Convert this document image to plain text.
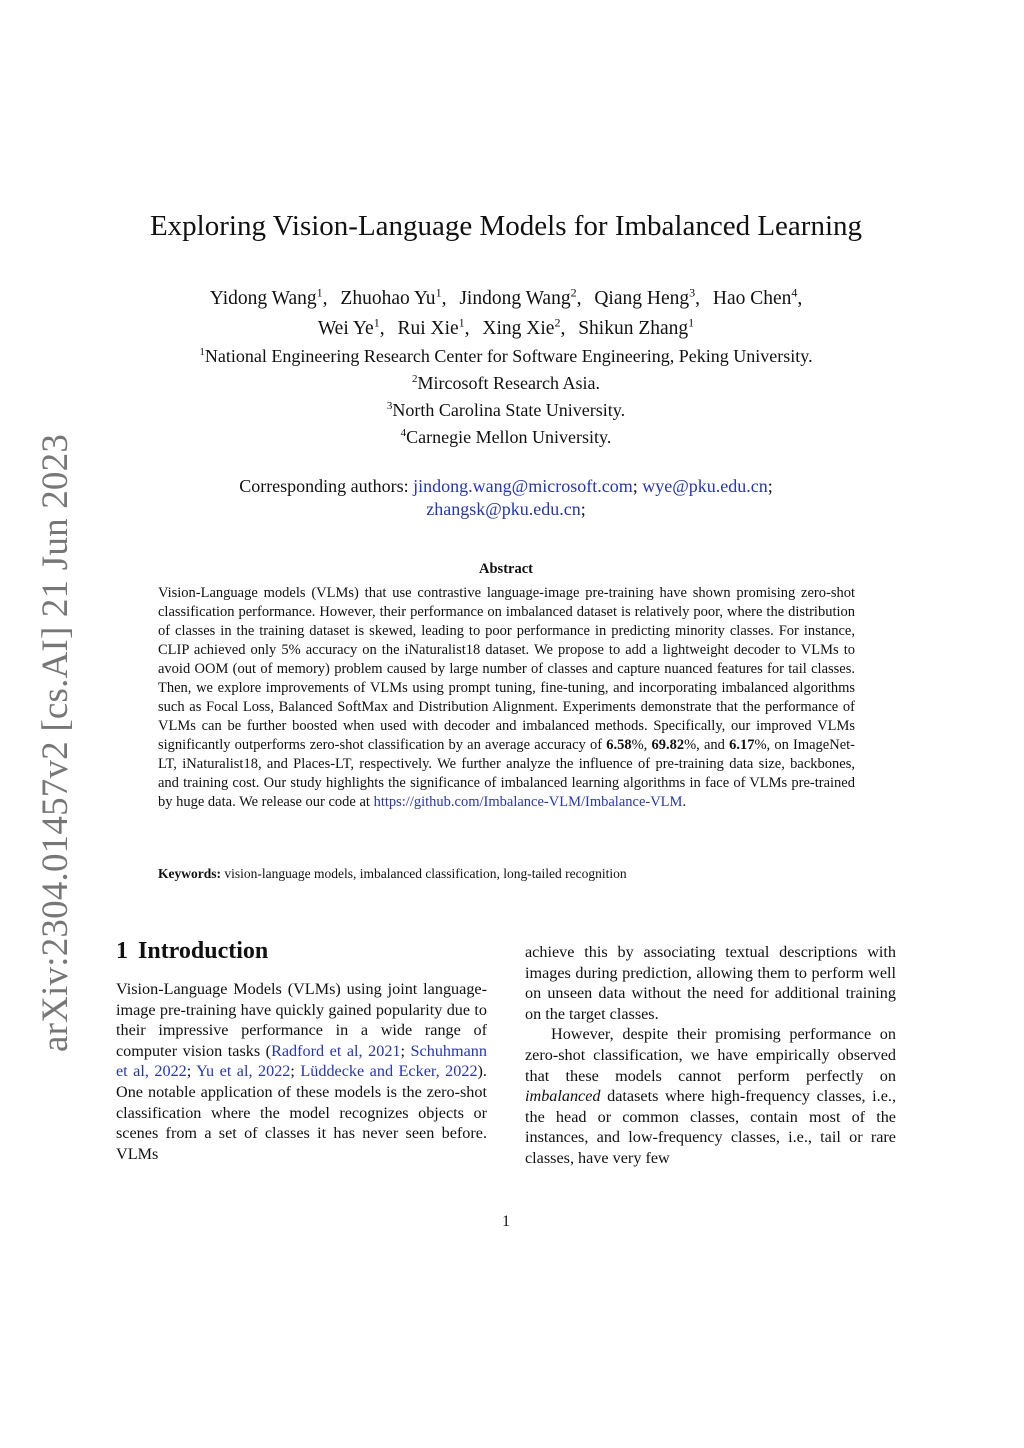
arXiv:2304.01457v2 [cs.AI] 21 Jun 2023
Exploring Vision-Language Models for Imbalanced Learning
Yidong Wang$^1$, Zhuohao Yu$^1$, Jindong Wang$^2$, Qiang Heng$^3$, Hao Chen$^4$,
Wei Ye$^1$, Rui Xie$^1$, Xing Xie$^2$, Shikun Zhang$^1$
$^1$National Engineering Research Center for Software Engineering, Peking University.
$^2$Mircosoft Research Asia.
$^3$North Carolina State University.
$^4$Carnegie Mellon University.
Corresponding authors: jindong.wang@microsoft.com; wye@pku.edu.cn;
zhangsk@pku.edu.cn;
Abstract
Vision-Language models (VLMs) that use contrastive language-image pre-training have shown promising zero-shot classification performance. However, their performance on imbalanced dataset is relatively poor, where the distribution of classes in the training dataset is skewed, leading to poor performance in predicting minority classes. For instance, CLIP achieved only 5% accuracy on the iNaturalist18 dataset. We propose to add a lightweight decoder to VLMs to avoid OOM (out of memory) problem caused by large number of classes and capture nuanced features for tail classes. Then, we explore improvements of VLMs using prompt tuning, fine-tuning, and incorporating imbalanced algorithms such as Focal Loss, Balanced SoftMax and Distribution Alignment. Experiments demonstrate that the performance of VLMs can be further boosted when used with decoder and imbalanced methods. Specifically, our improved VLMs significantly outperforms zero-shot classification by an average accuracy of 6.58%, 69.82%, and 6.17%, on ImageNet-LT, iNaturalist18, and Places-LT, respectively. We further analyze the influence of pre-training data size, backbones, and training cost. Our study highlights the significance of imbalanced learning algorithms in face of VLMs pre-trained by huge data. We release our code at https://github.com/Imbalance-VLM/Imbalance-VLM.
Keywords: vision-language models, imbalanced classification, long-tailed recognition
1 Introduction

Vision-Language Models (VLMs) using joint language-image pre-training have quickly gained popularity due to their impressive performance in a wide range of computer vision tasks (Radford et al, 2021; Schuhmann et al, 2022; Yu et al, 2022; Lüddecke and Ecker, 2022). One notable application of these models is the zero-shot classification where the model recognizes objects or scenes from a set of classes it has never seen before. VLMs

achieve this by associating textual descriptions with images during prediction, allowing them to perform well on unseen data without the need for additional training on the target classes.

However, despite their promising performance on zero-shot classification, we have empirically observed that these models cannot perform perfectly on imbalanced datasets where high-frequency classes, i.e., the head or common classes, contain most of the instances, and low-frequency classes, i.e., tail or rare classes, have very few

1
